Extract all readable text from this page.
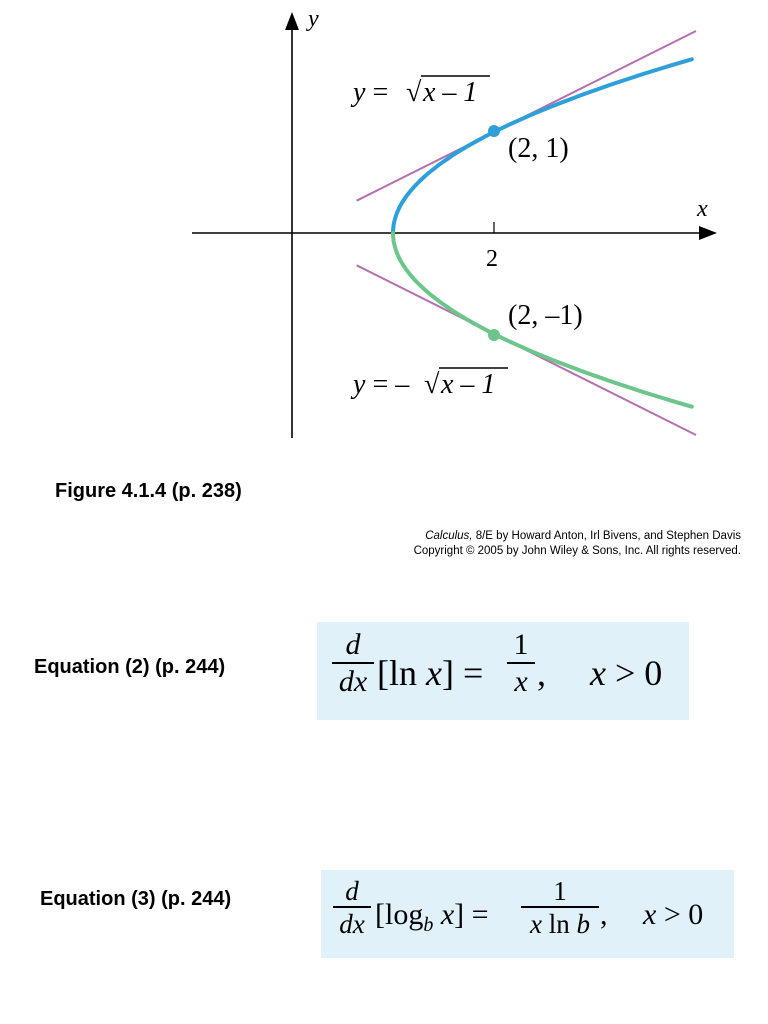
y
x
2
y = √ x – 1
y = – √ x – 1
(2, 1)
(2, –1)
Figure 4.1.4 (p. 238)
Calculus, 8/E by Howard Anton, Irl Bivens, and Stephen Davis
Copyright © 2005 by John Wiley & Sons, Inc. All rights reserved.
Equation (2) (p. 244)
d
dx [ln x] =
1
x , x > 0
Equation (3) (p. 244)	d
dx [$\log_b$ x] =
1
x ln b , x > 0
